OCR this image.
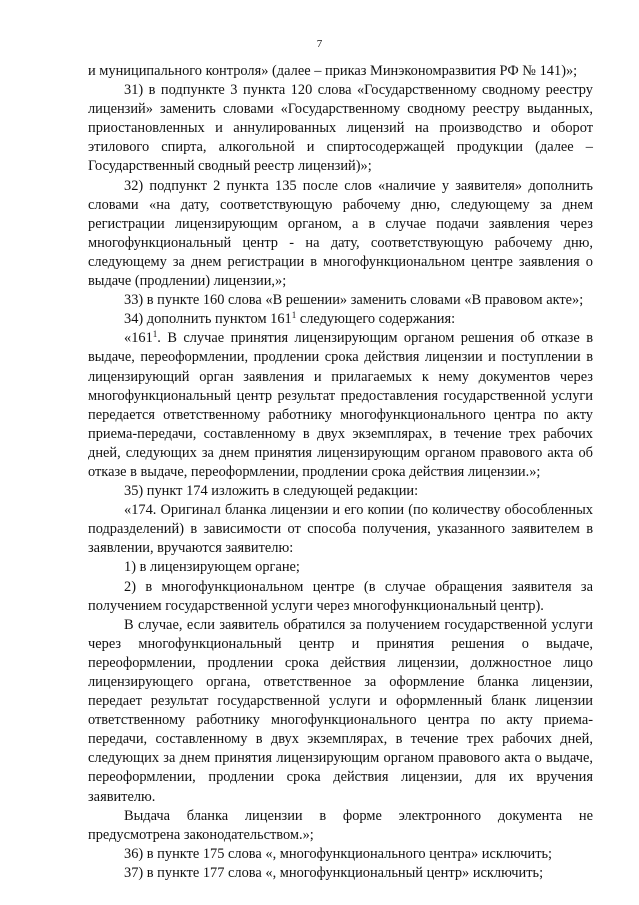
7

и муниципального контроля» (далее – приказ Минэкономразвития РФ № 141)»;

31) в подпункте 3 пункта 120 слова «Государственному сводному реестру лицензий» заменить словами «Государственному сводному реестру выданных, приостановленных и аннулированных лицензий на производство и оборот этилового спирта, алкогольной и спиртосодержащей продукции (далее – Государственный сводный реестр лицензий)»;

32) подпункт 2 пункта 135 после слов «наличие у заявителя» дополнить словами «на дату, соответствующую рабочему дню, следующему за днем регистрации лицензирующим органом, а в случае подачи заявления через многофункциональный центр - на дату, соответствующую рабочему дню, следующему за днем регистрации в многофункциональном центре заявления о выдаче (продлении) лицензии,»;

33) в пункте 160 слова «В решении» заменить словами «В правовом акте»;

34) дополнить пунктом $161^1$ следующего содержания:

«$161^1$. В случае принятия лицензирующим органом решения об отказе в выдаче, переоформлении, продлении срока действия лицензии и поступлении в лицензирующий орган заявления и прилагаемых к нему документов через многофункциональный центр результат предоставления государственной услуги передается ответственному работнику многофункционального центра по акту приема-передачи, составленному в двух экземплярах, в течение трех рабочих дней, следующих за днем принятия лицензирующим органом правового акта об отказе в выдаче, переоформлении, продлении срока действия лицензии.»;

35) пункт 174 изложить в следующей редакции:

«174. Оригинал бланка лицензии и его копии (по количеству обособленных подразделений) в зависимости от способа получения, указанного заявителем в заявлении, вручаются заявителю:

1) в лицензирующем органе;

2) в многофункциональном центре (в случае обращения заявителя за получением государственной услуги через многофункциональный центр).

В случае, если заявитель обратился за получением государственной услуги через многофункциональный центр и принятия решения о выдаче, переоформлении, продлении срока действия лицензии, должностное лицо лицензирующего органа, ответственное за оформление бланка лицензии, передает результат государственной услуги и оформленный бланк лицензии ответственному работнику многофункционального центра по акту приема-передачи, составленному в двух экземплярах, в течение трех рабочих дней, следующих за днем принятия лицензирующим органом правового акта о выдаче, переоформлении, продлении срока действия лицензии, для их вручения заявителю.

Выдача бланка лицензии в форме электронного документа не предусмотрена законодательством.»;

36) в пункте 175 слова «, многофункционального центра» исключить;

37) в пункте 177 слова «, многофункциональный центр» исключить;
